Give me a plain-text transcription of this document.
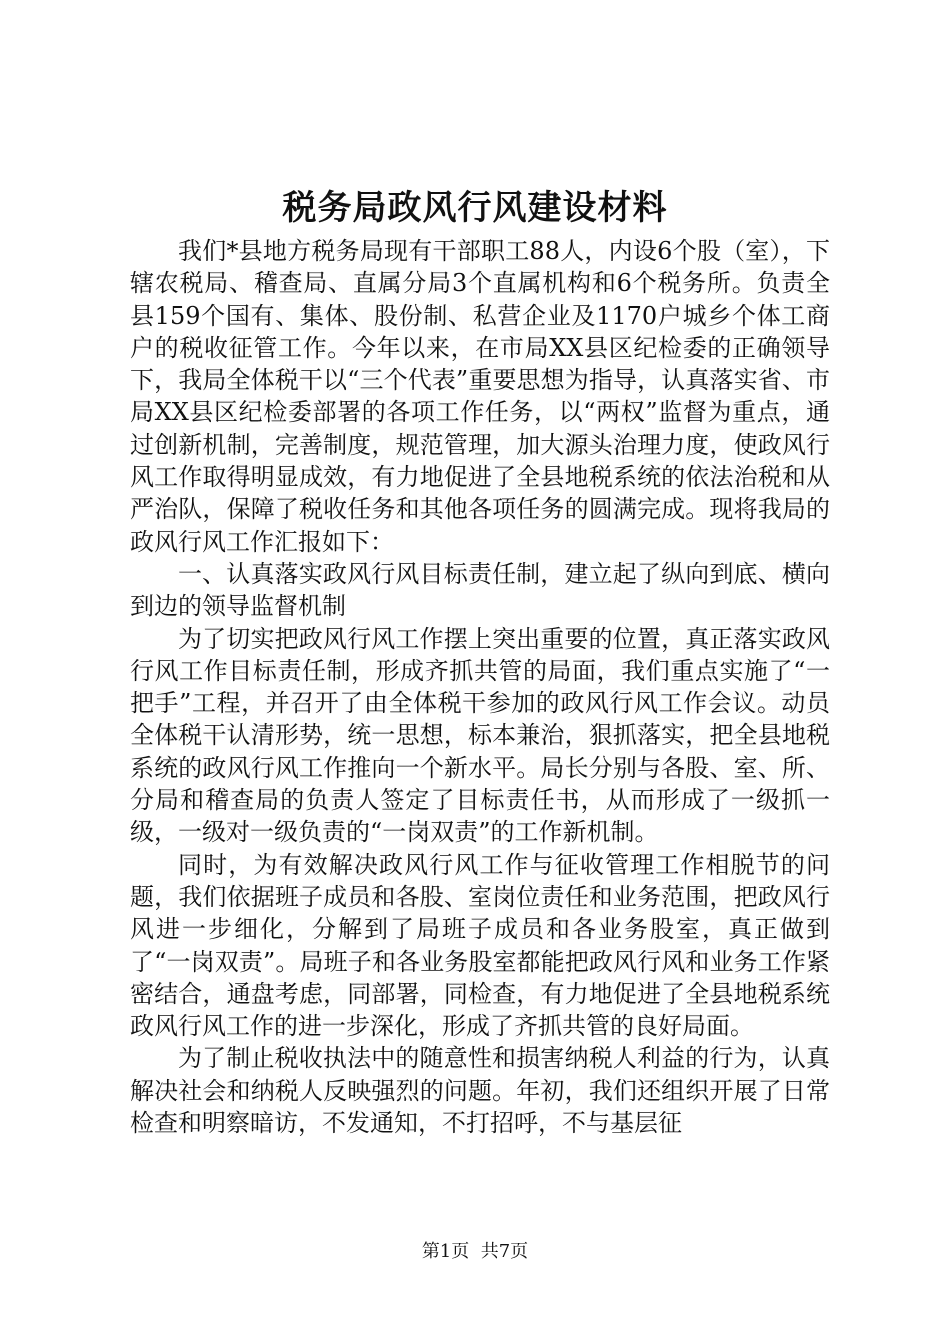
税务局政风行风建设材料

我们*县地方税务局现有干部职工88人，内设6个股（室），下辖农税局、稽查局、直属分局3个直属机构和6个税务所。负责全县159个国有、集体、股份制、私营企业及1170户城乡个体工商户的税收征管工作。今年以来，在市局XX县区纪检委的正确领导下，我局全体税干以“三个代表”重要思想为指导，认真落实省、市局XX县区纪检委部署的各项工作任务，以“两权”监督为重点，通过创新机制，完善制度，规范管理，加大源头治理力度，使政风行风工作取得明显成效，有力地促进了全县地税系统的依法治税和从严治队，保障了税收任务和其他各项任务的圆满完成。现将我局的政风行风工作汇报如下：

一、认真落实政风行风目标责任制，建立起了纵向到底、横向到边的领导监督机制

为了切实把政风行风工作摆上突出重要的位置，真正落实政风行风工作目标责任制，形成齐抓共管的局面，我们重点实施了“一把手”工程，并召开了由全体税干参加的政风行风工作会议。动员全体税干认清形势，统一思想，标本兼治，狠抓落实，把全县地税系统的政风行风工作推向一个新水平。局长分别与各股、室、所、分局和稽查局的负责人签定了目标责任书，从而形成了一级抓一级，一级对一级负责的“一岗双责”的工作新机制。

同时，为有效解决政风行风工作与征收管理工作相脱节的问题，我们依据班子成员和各股、室岗位责任和业务范围，把政风行风进一步细化，分解到了局班子成员和各业务股室，真正做到了“一岗双责”。局班子和各业务股室都能把政风行风和业务工作紧密结合，通盘考虑，同部署，同检查，有力地促进了全县地税系统政风行风工作的进一步深化，形成了齐抓共管的良好局面。

为了制止税收执法中的随意性和损害纳税人利益的行为，认真解决社会和纳税人反映强烈的问题。年初，我们还组织开展了日常检查和明察暗访，不发通知，不打招呼，不与基层征

第1页 共7页
